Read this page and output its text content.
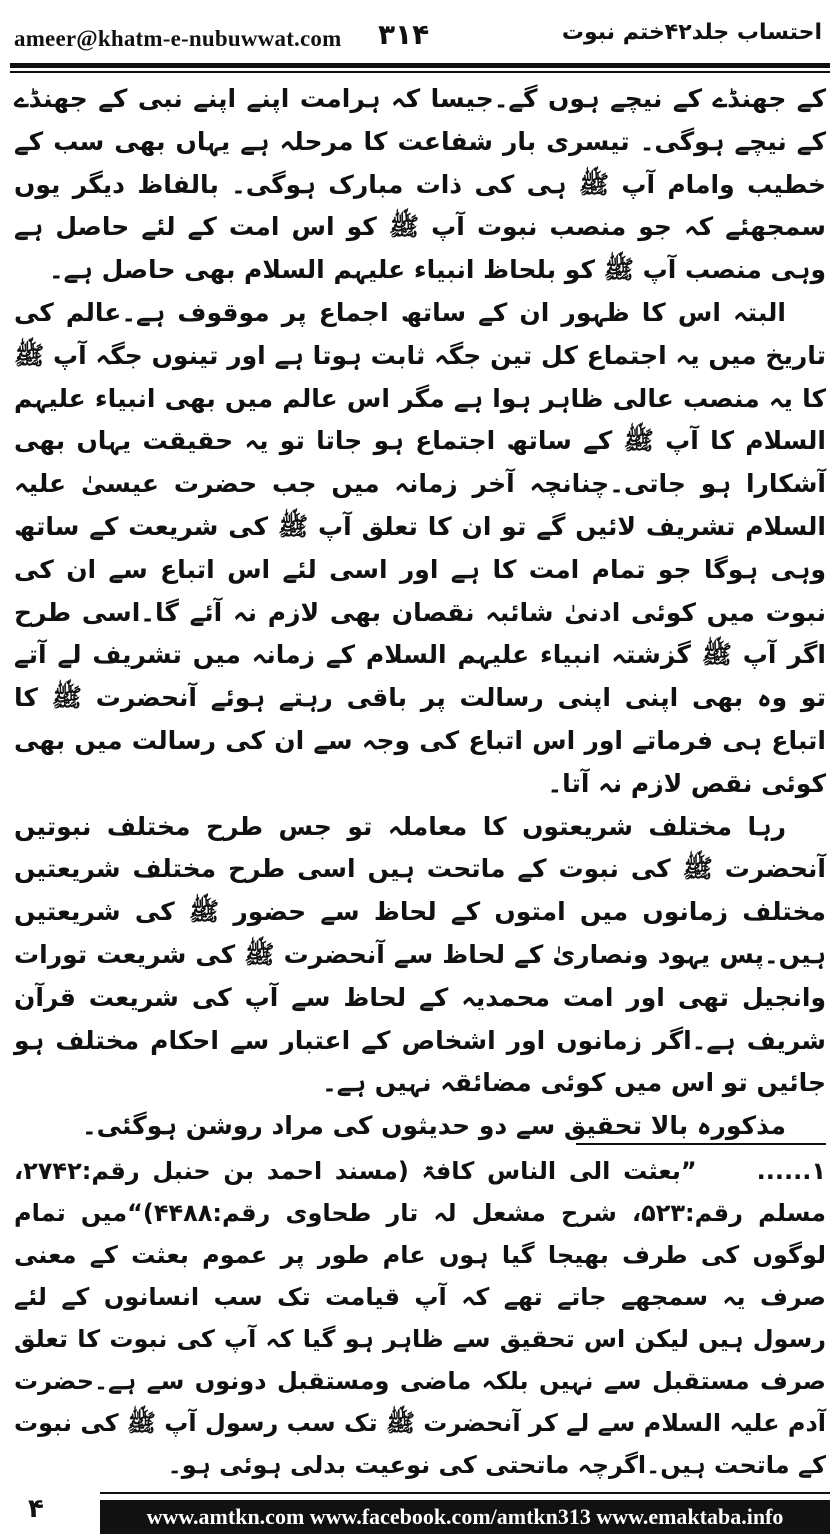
ameer@khatm-e-nubuwwat.com ۳۱۴	احتساب جلد۴۲ختم نبوت

کے جھنڈے کے نیچے ہوں گے۔جیسا کہ ہرامت اپنے اپنے نبی کے جھنڈے کے نیچے ہوگی۔ تیسری بار شفاعت کا مرحلہ ہے یہاں بھی سب کے خطیب وامام آپ ﷺ ہی کی ذات مبارک ہوگی۔ بالفاظ دیگر یوں سمجھئے کہ جو منصب نبوت آپ ﷺ کو اس امت کے لئے حاصل ہے وہی منصب آپ ﷺ کو بلحاظ انبیاء علیہم السلام بھی حاصل ہے۔

البتہ اس کا ظہور ان کے ساتھ اجماع پر موقوف ہے۔عالم کی تاریخ میں یہ اجتماع کل تین جگہ ثابت ہوتا ہے اور تینوں جگہ آپ ﷺ کا یہ منصب عالی ظاہر ہوا ہے مگر اس عالم میں بھی انبیاء علیہم السلام کا آپ ﷺ کے ساتھ اجتماع ہو جاتا تو یہ حقیقت یہاں بھی آشکارا ہو جاتی۔چنانچہ آخر زمانہ میں جب حضرت عیسیٰ علیہ السلام تشریف لائیں گے تو ان کا تعلق آپ ﷺ کی شریعت کے ساتھ وہی ہوگا جو تمام امت کا ہے اور اسی لئے اس اتباع سے ان کی نبوت میں کوئی ادنیٰ شائبہ نقصان بھی لازم نہ آئے گا۔اسی طرح اگر آپ ﷺ گزشتہ انبیاء علیہم السلام کے زمانہ میں تشریف لے آتے تو وہ بھی اپنی اپنی رسالت پر باقی رہتے ہوئے آنحضرت ﷺ کا اتباع ہی فرماتے اور اس اتباع کی وجہ سے ان کی رسالت میں بھی کوئی نقص لازم نہ آتا۔

رہا مختلف شریعتوں کا معاملہ تو جس طرح مختلف نبوتیں آنحضرت ﷺ کی نبوت کے ماتحت ہیں اسی طرح مختلف شریعتیں مختلف زمانوں میں امتوں کے لحاظ سے حضور ﷺ کی شریعتیں ہیں۔پس یہود ونصاریٰ کے لحاظ سے آنحضرت ﷺ کی شریعت تورات وانجیل تھی اور امت محمدیہ کے لحاظ سے آپ کی شریعت قرآن شریف ہے۔اگر زمانوں اور اشخاص کے اعتبار سے احکام مختلف ہو جائیں تو اس میں کوئی مضائقہ نہیں ہے۔

مذکورہ بالا تحقیق سے دو حدیثوں کی مراد روشن ہوگئی۔

۱......”بعثت الی الناس کافۃ (مسند احمد بن حنبل رقم:۲۷۴۲، مسلم رقم:۵۲۳، شرح مشعل لہ تار طحاوی رقم:۴۴۸۸)“میں تمام لوگوں کی طرف بھیجا گیا ہوں عام طور پر عموم بعثت کے معنی صرف یہ سمجھے جاتے تھے کہ آپ قیامت تک سب انسانوں کے لئے رسول ہیں لیکن اس تحقیق سے ظاہر ہو گیا کہ آپ کی نبوت کا تعلق صرف مستقبل سے نہیں بلکہ ماضی ومستقبل دونوں سے ہے۔حضرت آدم علیہ السلام سے لے کر آنحضرت ﷺ تک سب رسول آپ ﷺ کی نبوت کے ماتحت ہیں۔اگرچہ ماتحتی کی نوعیت بدلی ہوئی ہو۔

۴	www.amtkn.com www.facebook.com/amtkn313 www.emaktaba.info
